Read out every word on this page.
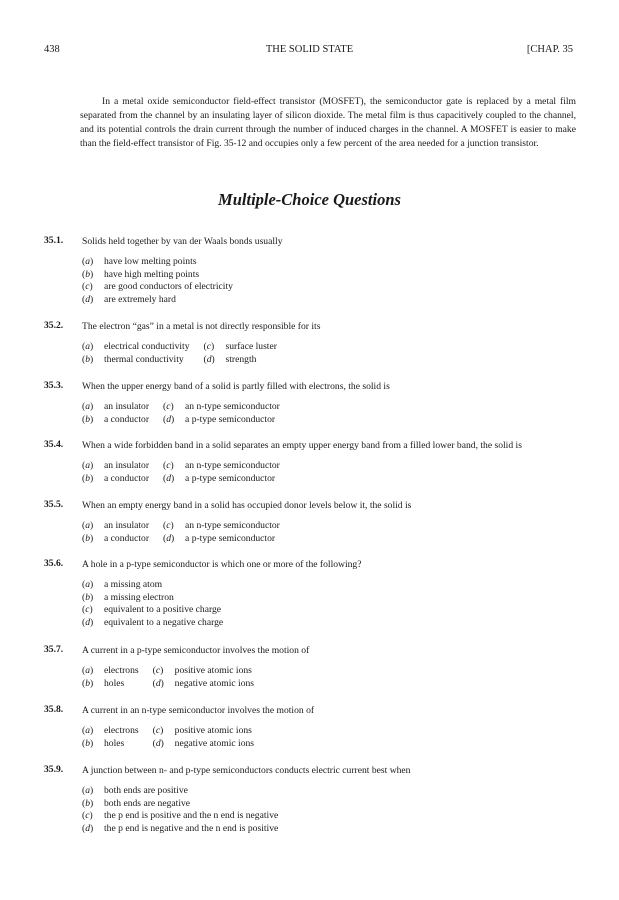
438	THE SOLID STATE	[CHAP. 35

In a metal oxide semiconductor field-effect transistor (MOSFET), the semiconductor gate is replaced by a metal film separated from the channel by an insulating layer of silicon dioxide. The metal film is thus capacitively coupled to the channel, and its potential controls the drain current through the number of induced charges in the channel. A MOSFET is easier to make than the field-effect transistor of Fig. 35-12 and occupies only a few percent of the area needed for a junction transistor.

Multiple-Choice Questions
35.1. Solids held together by van der Waals bonds usually
( a ) have low melting points
( b ) have high melting points
( c ) are good conductors of electricity
( d ) are extremely hard
35.2. The electron “gas” in a metal is not directly responsible for its
( a )	electrical conductivity	( c )	surface luster
( b )	thermal conductivity	( d )	strength
35.3. When the upper energy band of a solid is partly filled with electrons, the solid is
( a )	an insulator	( c )	an n-type semiconductor
( b )	a conductor	( d )	a p-type semiconductor
35.4. When a wide forbidden band in a solid separates an empty upper energy band from a filled lower band, the solid is
( a )	an insulator	( c )	an n-type semiconductor
( b )	a conductor	( d )	a p-type semiconductor
35.5. When an empty energy band in a solid has occupied donor levels below it, the solid is
( a )	an insulator	( c )	an n-type semiconductor
( b )	a conductor	( d )	a p-type semiconductor
35.6. A hole in a p-type semiconductor is which one or more of the following?
( a ) a missing atom
( b ) a missing electron
( c ) equivalent to a positive charge
( d ) equivalent to a negative charge
35.7. A current in a p-type semiconductor involves the motion of
( a )	electrons	( c )	positive atomic ions
( b )	holes	( d )	negative atomic ions
35.8. A current in an n-type semiconductor involves the motion of
( a )	electrons	( c )	positive atomic ions
( b )	holes	( d )	negative atomic ions
35.9. A junction between n- and p-type semiconductors conducts electric current best when
( a ) both ends are positive
( b ) both ends are negative
( c ) the p end is positive and the n end is negative
( d ) the p end is negative and the n end is positive
